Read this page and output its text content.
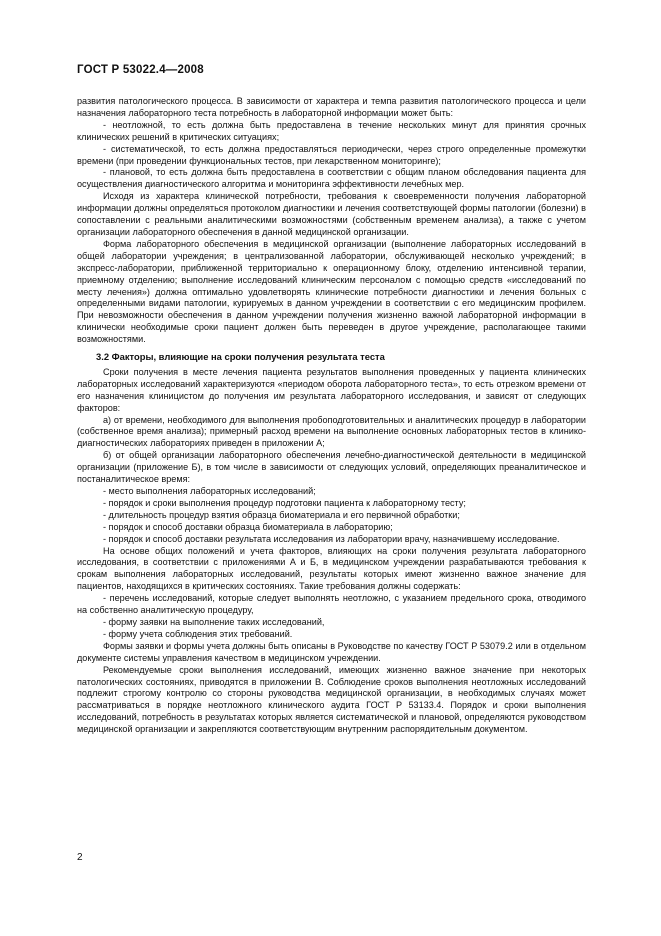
ГОСТ Р 53022.4—2008

развития патологического процесса. В зависимости от характера и темпа развития патологического процесса и цели назначения лабораторного теста потребность в лабораторной информации может быть:

- неотложной, то есть должна быть предоставлена в течение нескольких минут для принятия срочных клинических решений в критических ситуациях;

- систематической, то есть должна предоставляться периодически, через строго определенные промежутки времени (при проведении функциональных тестов, при лекарственном мониторинге);

- плановой, то есть должна быть предоставлена в соответствии с общим планом обследования пациента для осуществления диагностического алгоритма и мониторинга эффективности лечебных мер.

Исходя из характера клинической потребности, требования к своевременности получения лабораторной информации должны определяться протоколом диагностики и лечения соответствующей формы патологии (болезни) в сопоставлении с реальными аналитическими возможностями (собственным временем анализа), а также с учетом организации лабораторного обеспечения в данной медицинской организации.

Форма лабораторного обеспечения в медицинской организации (выполнение лабораторных исследований в общей лаборатории учреждения; в централизованной лаборатории, обслуживающей несколько учреждений; в экспресс-лаборатории, приближенной территориально к операционному блоку, отделению интенсивной терапии, приемному отделению; выполнение исследований клиническим персоналом с помощью средств «исследований по месту лечения») должна оптимально удовлетворять клинические потребности диагностики и лечения больных с определенными видами патологии, курируемых в данном учреждении в соответствии с его медицинским профилем. При невозможности обеспечения в данном учреждении получения жизненно важной лабораторной информации в клинически необходимые сроки пациент должен быть переведен в другое учреждение, располагающее такими возможностями.

3.2 Факторы, влияющие на сроки получения результата теста

Сроки получения в месте лечения пациента результатов выполнения проведенных у пациента клинических лабораторных исследований характеризуются «периодом оборота лабораторного теста», то есть отрезком времени от его назначения клиницистом до получения им результата лабораторного исследования, и зависят от следующих факторов:

а) от времени, необходимого для выполнения пробоподготовительных и аналитических процедур в лаборатории (собственное время анализа); примерный расход времени на выполнение основных лабораторных тестов в клинико-диагностических лабораториях приведен в приложении А;

б) от общей организации лабораторного обеспечения лечебно-диагностической деятельности в медицинской организации (приложение Б), в том числе в зависимости от следующих условий, определяющих преаналитическое и постаналитическое время:

- место выполнения лабораторных исследований;

- порядок и сроки выполнения процедур подготовки пациента к лабораторному тесту;

- длительность процедур взятия образца биоматериала и его первичной обработки;

- порядок и способ доставки образца биоматериала в лабораторию;

- порядок и способ доставки результата исследования из лаборатории врачу, назначившему исследование.

На основе общих положений и учета факторов, влияющих на сроки получения результата лабораторного исследования, в соответствии с приложениями А и Б, в медицинском учреждении разрабатываются требования к срокам выполнения лабораторных исследований, результаты которых имеют жизненно важное значение для пациентов, находящихся в критических состояниях. Такие требования должны содержать:

- перечень исследований, которые следует выполнять неотложно, с указанием предельного срока, отводимого на собственно аналитическую процедуру,

- форму заявки на выполнение таких исследований,

- форму учета соблюдения этих требований.

Формы заявки и формы учета должны быть описаны в Руководстве по качеству ГОСТ Р 53079.2 или в отдельном документе системы управления качеством в медицинском учреждении.

Рекомендуемые сроки выполнения исследований, имеющих жизненно важное значение при некоторых патологических состояниях, приводятся в приложении В. Соблюдение сроков выполнения неотложных исследований подлежит строгому контролю со стороны руководства медицинской организации, в необходимых случаях может рассматриваться в порядке неотложного клинического аудита ГОСТ Р 53133.4. Порядок и сроки выполнения исследований, потребность в результатах которых является систематической и плановой, определяются руководством медицинской организации и закрепляются соответствующим внутренним распорядительным документом.

2
